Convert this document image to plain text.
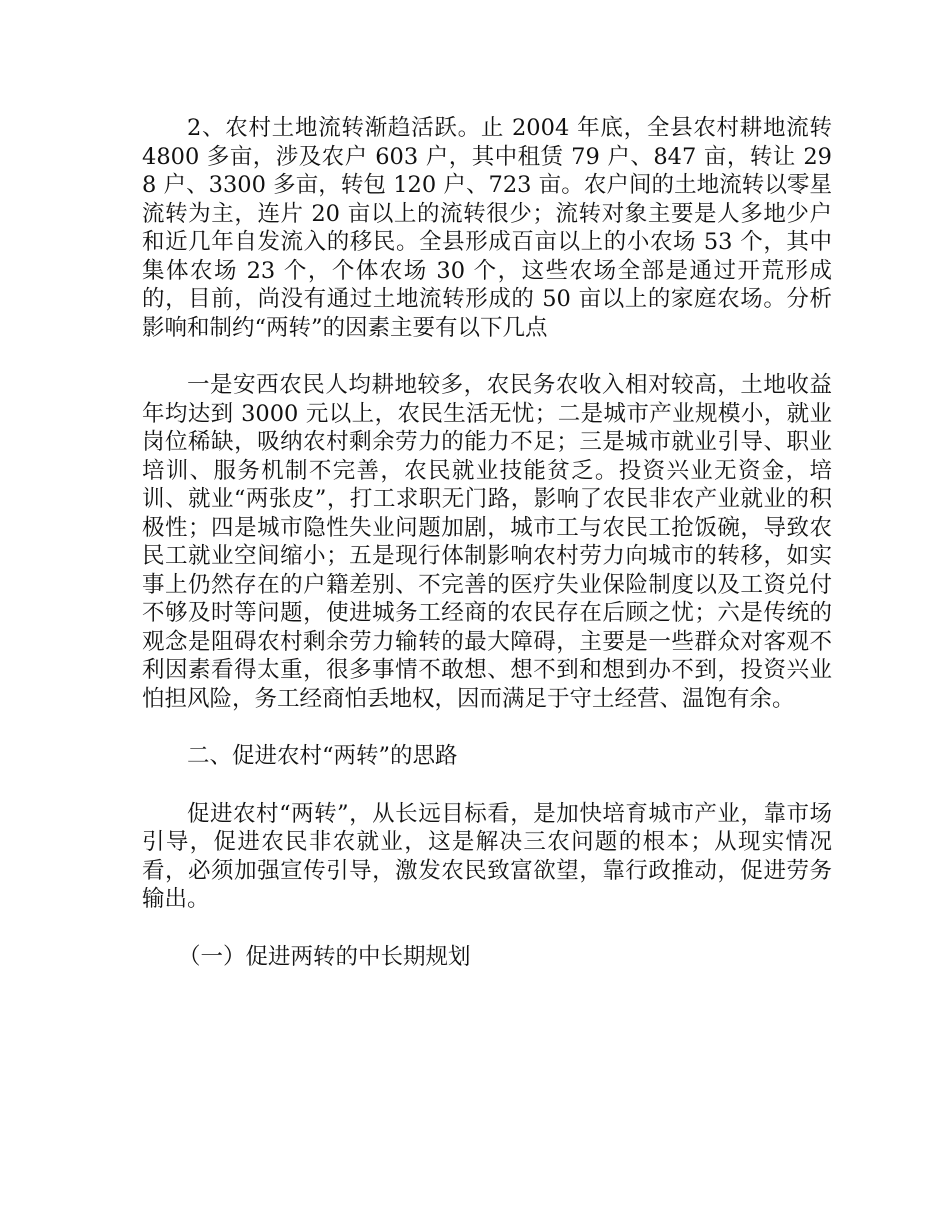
2、农村土地流转渐趋活跃。止 2004 年底，全县农村耕地流转 4800 多亩，涉及农户 603 户，其中租赁 79 户、847 亩，转让 298 户、3300 多亩，转包 120 户、723 亩。农户间的土地流转以零星流转为主，连片 20 亩以上的流转很少；流转对象主要是人多地少户和近几年自发流入的移民。全县形成百亩以上的小农场 53 个，其中集体农场 23 个，个体农场 30 个，这些农场全部是通过开荒形成的，目前，尚没有通过土地流转形成的 50 亩以上的家庭农场。分析影响和制约“两转”的因素主要有以下几点

一是安西农民人均耕地较多，农民务农收入相对较高，土地收益年均达到 3000 元以上，农民生活无忧；二是城市产业规模小，就业岗位稀缺，吸纳农村剩余劳力的能力不足；三是城市就业引导、职业培训、服务机制不完善，农民就业技能贫乏。投资兴业无资金，培训、就业“两张皮”，打工求职无门路，影响了农民非农产业就业的积极性；四是城市隐性失业问题加剧，城市工与农民工抢饭碗，导致农民工就业空间缩小；五是现行体制影响农村劳力向城市的转移，如实事上仍然存在的户籍差别、不完善的医疗失业保险制度以及工资兑付不够及时等问题，使进城务工经商的农民存在后顾之忧；六是传统的观念是阻碍农村剩余劳力输转的最大障碍，主要是一些群众对客观不利因素看得太重，很多事情不敢想、想不到和想到办不到，投资兴业怕担风险，务工经商怕丢地权，因而满足于守土经营、温饱有余。

二、促进农村“两转”的思路

促进农村“两转”，从长远目标看，是加快培育城市产业，靠市场引导，促进农民非农就业，这是解决三农问题的根本；从现实情况看，必须加强宣传引导，激发农民致富欲望，靠行政推动，促进劳务输出。

（一）促进两转的中长期规划
